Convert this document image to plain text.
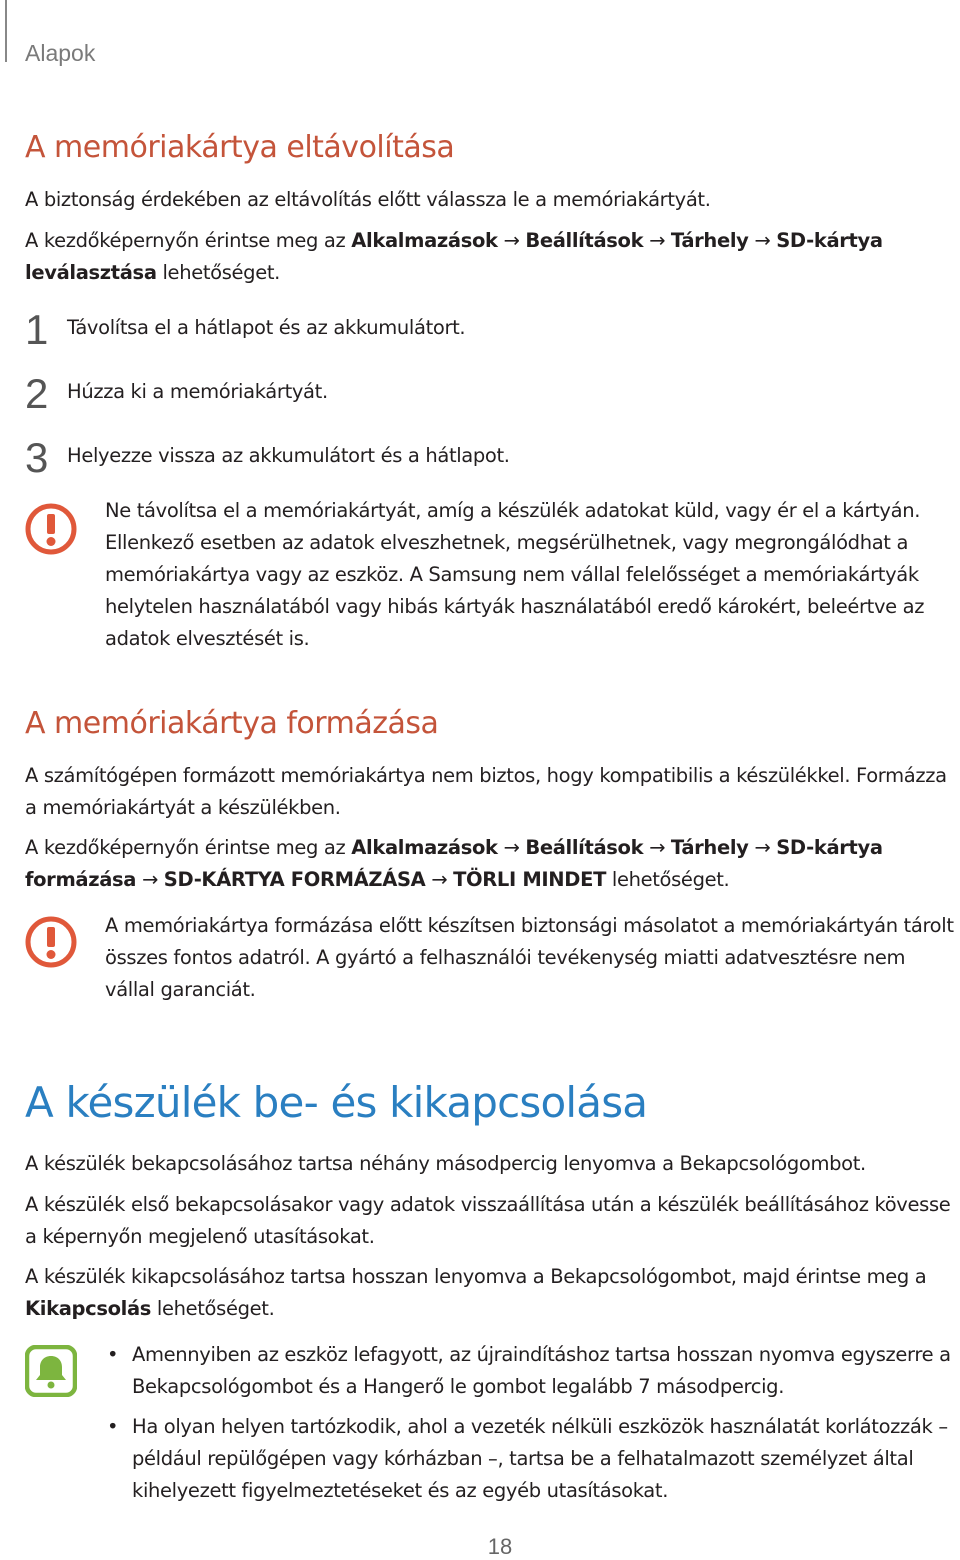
Alapok
A memóriakártya eltávolítása
A biztonság érdekében az eltávolítás előtt válassza le a memóriakártyát.
A kezdőképernyőn érintse meg az Alkalmazások → Beállítások → Tárhely → SD-kártya leválasztása lehetőséget.
1 Távolítsa el a hátlapot és az akkumulátort.
2 Húzza ki a memóriakártyát.
3 Helyezze vissza az akkumulátort és a hátlapot.
Ne távolítsa el a memóriakártyát, amíg a készülék adatokat küld, vagy ér el a kártyán. Ellenkező esetben az adatok elveszhetnek, megsérülhetnek, vagy megrongálódhat a memóriakártya vagy az eszköz. A Samsung nem vállal felelősséget a memóriakártyák helytelen használatából vagy hibás kártyák használatából eredő károkért, beleértve az adatok elvesztését is.
A memóriakártya formázása
A számítógépen formázott memóriakártya nem biztos, hogy kompatibilis a készülékkel. Formázza a memóriakártyát a készülékben.
A kezdőképernyőn érintse meg az Alkalmazások → Beállítások → Tárhely → SD-kártya formázása → SD-KÁRTYA FORMÁZÁSA → TÖRLI MINDET lehetőséget.
A memóriakártya formázása előtt készítsen biztonsági másolatot a memóriakártyán tárolt összes fontos adatról. A gyártó a felhasználói tevékenység miatti adatvesztésre nem vállal garanciát.
A készülék be- és kikapcsolása
A készülék bekapcsolásához tartsa néhány másodpercig lenyomva a Bekapcsológombot.
A készülék első bekapcsolásakor vagy adatok visszaállítása után a készülék beállításához kövesse a képernyőn megjelenő utasításokat.
A készülék kikapcsolásához tartsa hosszan lenyomva a Bekapcsológombot, majd érintse meg a Kikapcsolás lehetőséget.
• Amennyiben az eszköz lefagyott, az újraindításhoz tartsa hosszan nyomva egyszerre a Bekapcsológombot és a Hangerő le gombot legalább 7 másodpercig.
• Ha olyan helyen tartózkodik, ahol a vezeték nélküli eszközök használatát korlátozzák – például repülőgépen vagy kórházban –, tartsa be a felhatalmazott személyzet által kihelyezett figyelmeztetéseket és az egyéb utasításokat.
18
